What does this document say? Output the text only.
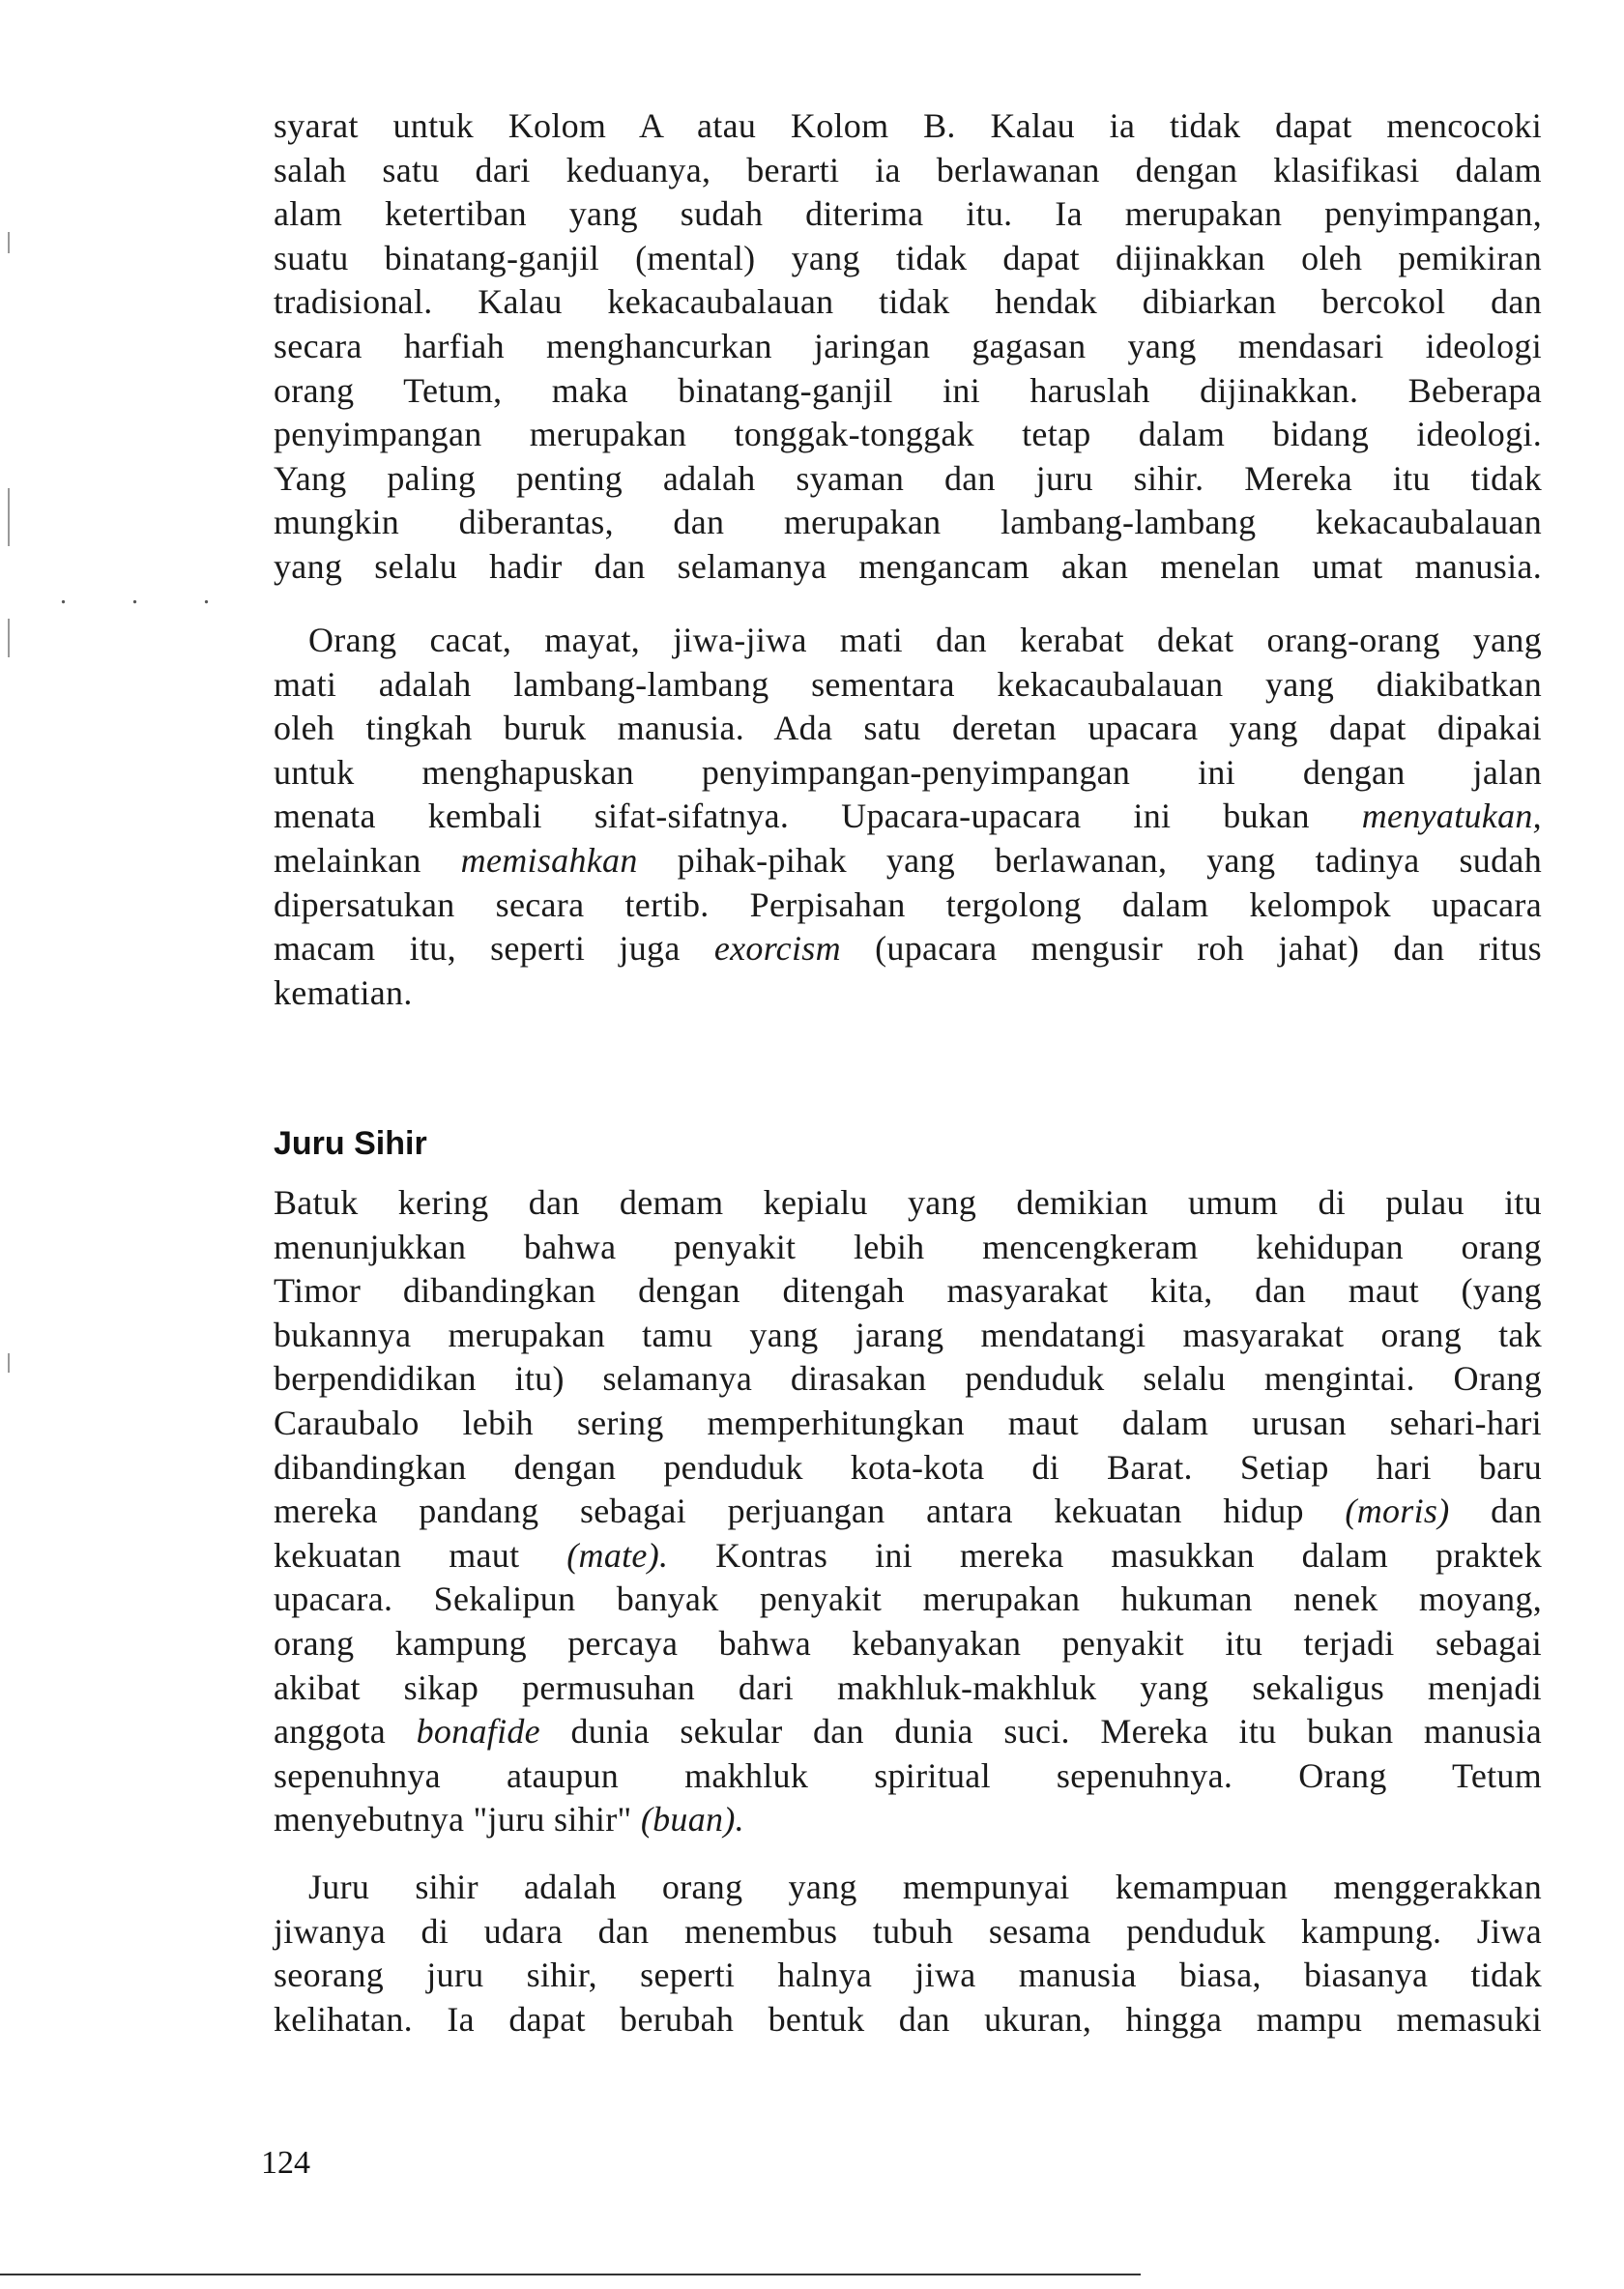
. . .
syarat untuk Kolom A atau Kolom B. Kalau ia tidak dapat mencocoki
salah satu dari keduanya, berarti ia berlawanan dengan klasifikasi dalam
alam ketertiban yang sudah diterima itu. Ia merupakan penyimpangan,
suatu binatang-ganjil (mental) yang tidak dapat dijinakkan oleh pemikiran
tradisional. Kalau kekacaubalauan tidak hendak dibiarkan bercokol dan
secara harfiah menghancurkan jaringan gagasan yang mendasari ideologi
orang Tetum, maka binatang-ganjil ini haruslah dijinakkan. Beberapa
penyimpangan merupakan tonggak-tonggak tetap dalam bidang ideologi.
Yang paling penting adalah syaman dan juru sihir. Mereka itu tidak
mungkin diberantas, dan merupakan lambang-lambang kekacaubalauan
yang selalu hadir dan selamanya mengancam akan menelan umat manusia.
Orang cacat, mayat, jiwa-jiwa mati dan kerabat dekat orang-orang yang
mati adalah lambang-lambang sementara kekacaubalauan yang diakibatkan
oleh tingkah buruk manusia. Ada satu deretan upacara yang dapat dipakai
untuk menghapuskan penyimpangan-penyimpangan ini dengan jalan
menata kembali sifat-sifatnya. Upacara-upacara ini bukan menyatukan,
melainkan memisahkan pihak-pihak yang berlawanan, yang tadinya sudah
dipersatukan secara tertib. Perpisahan tergolong dalam kelompok upacara
macam itu, seperti juga exorcism (upacara mengusir roh jahat) dan ritus
kematian.
Juru Sihir
Batuk kering dan demam kepialu yang demikian umum di pulau itu
menunjukkan bahwa penyakit lebih mencengkeram kehidupan orang
Timor dibandingkan dengan ditengah masyarakat kita, dan maut (yang
bukannya merupakan tamu yang jarang mendatangi masyarakat orang tak
berpendidikan itu) selamanya dirasakan penduduk selalu mengintai. Orang
Caraubalo lebih sering memperhitungkan maut dalam urusan sehari-hari
dibandingkan dengan penduduk kota-kota di Barat. Setiap hari baru
mereka pandang sebagai perjuangan antara kekuatan hidup (moris) dan
kekuatan maut (mate). Kontras ini mereka masukkan dalam praktek
upacara. Sekalipun banyak penyakit merupakan hukuman nenek moyang,
orang kampung percaya bahwa kebanyakan penyakit itu terjadi sebagai
akibat sikap permusuhan dari makhluk-makhluk yang sekaligus menjadi
anggota bonafide dunia sekular dan dunia suci. Mereka itu bukan manusia
sepenuhnya ataupun makhluk spiritual sepenuhnya. Orang Tetum
menyebutnya "juru sihir" (buan).
Juru sihir adalah orang yang mempunyai kemampuan menggerakkan
jiwanya di udara dan menembus tubuh sesama penduduk kampung. Jiwa
seorang juru sihir, seperti halnya jiwa manusia biasa, biasanya tidak
kelihatan. Ia dapat berubah bentuk dan ukuran, hingga mampu memasuki
124
